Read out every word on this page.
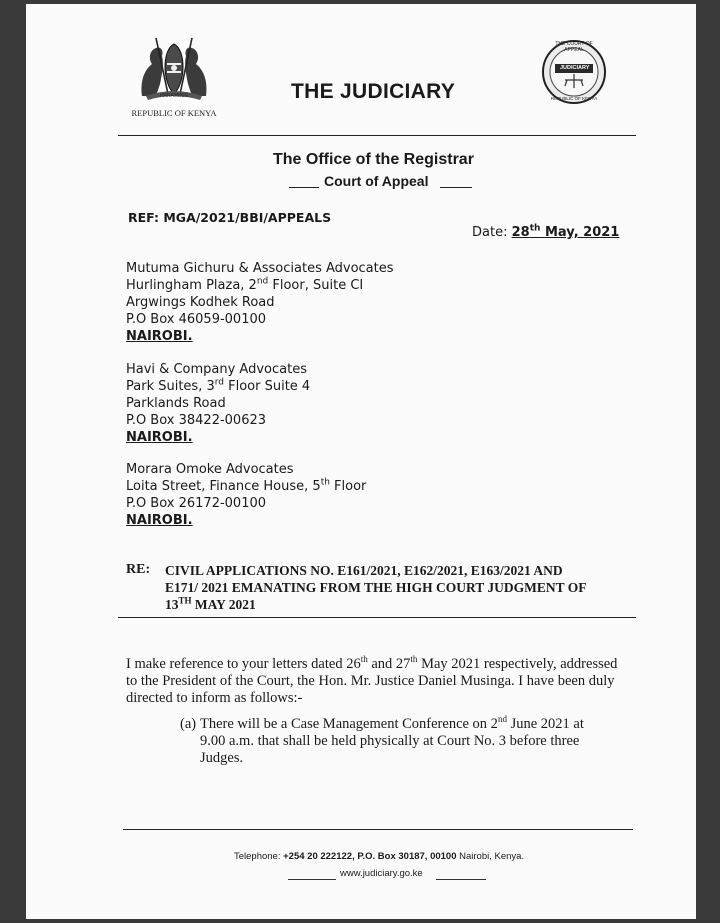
HARAMBEE
REPUBLIC OF KENYA
THE JUDICIARY
THE COURT OF APPEAL
JUDICIARY
REPUBLIC OF KENYA
The Office of the Registrar
Court of Appeal
REF: MGA/2021/BBI/APPEALS
Date: 28th May, 2021
Mutuma Gichuru & Associates Advocates
Hurlingham Plaza, 2nd Floor, Suite CI
Argwings Kodhek Road
P.O Box 46059-00100
NAIROBI.
Havi & Company Advocates
Park Suites, 3rd Floor Suite 4
Parklands Road
P.O Box 38422-00623
NAIROBI.
Morara Omoke Advocates
Loita Street, Finance House, 5th Floor
P.O Box 26172-00100
NAIROBI.
RE: CIVIL APPLICATIONS NO. E161/2021, E162/2021, E163/2021 AND
E171/ 2021 EMANATING FROM THE HIGH COURT JUDGMENT OF
13TH MAY 2021
I make reference to your letters dated 26th and 27th May 2021 respectively, addressed
to the President of the Court, the Hon. Mr. Justice Daniel Musinga. I have been duly
directed to inform as follows:-
(a) There will be a Case Management Conference on 2nd June 2021 at
9.00 a.m. that shall be held physically at Court No. 3 before three
Judges.
Telephone: +254 20 222122, P.O. Box 30187, 00100 Nairobi, Kenya.
www.judiciary.go.ke
